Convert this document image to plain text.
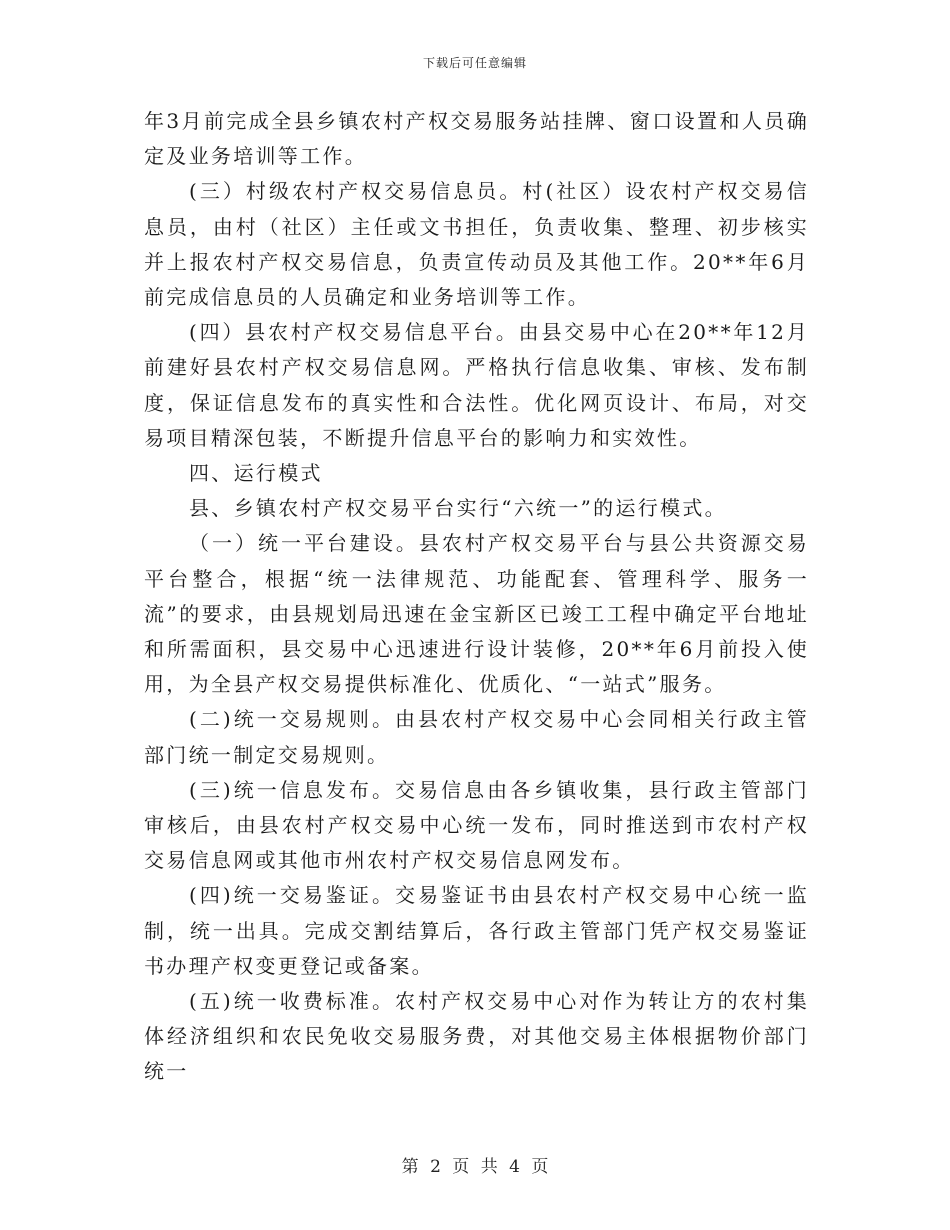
下载后可任意编辑

年3月前完成全县乡镇农村产权交易服务站挂牌、窗口设置和人员确定及业务培训等工作。

(三）村级农村产权交易信息员。村(社区）设农村产权交易信息员，由村（社区）主任或文书担任，负责收集、整理、初步核实并上报农村产权交易信息，负责宣传动员及其他工作。20**年6月前完成信息员的人员确定和业务培训等工作。

(四）县农村产权交易信息平台。由县交易中心在20**年12月前建好县农村产权交易信息网。严格执行信息收集、审核、发布制度，保证信息发布的真实性和合法性。优化网页设计、布局，对交易项目精深包装，不断提升信息平台的影响力和实效性。

四、运行模式

县、乡镇农村产权交易平台实行“六统一”的运行模式。

（一）统一平台建设。县农村产权交易平台与县公共资源交易平台整合，根据“统一法律规范、功能配套、管理科学、服务一流”的要求，由县规划局迅速在金宝新区已竣工工程中确定平台地址和所需面积，县交易中心迅速进行设计装修，20**年6月前投入使用，为全县产权交易提供标准化、优质化、“一站式”服务。

(二)统一交易规则。由县农村产权交易中心会同相关行政主管部门统一制定交易规则。

(三)统一信息发布。交易信息由各乡镇收集，县行政主管部门审核后，由县农村产权交易中心统一发布，同时推送到市农村产权交易信息网或其他市州农村产权交易信息网发布。

(四)统一交易鉴证。交易鉴证书由县农村产权交易中心统一监制，统一出具。完成交割结算后，各行政主管部门凭产权交易鉴证书办理产权变更登记或备案。

(五)统一收费标准。农村产权交易中心对作为转让方的农村集体经济组织和农民免收交易服务费，对其他交易主体根据物价部门统一

第 2 页 共 4 页
